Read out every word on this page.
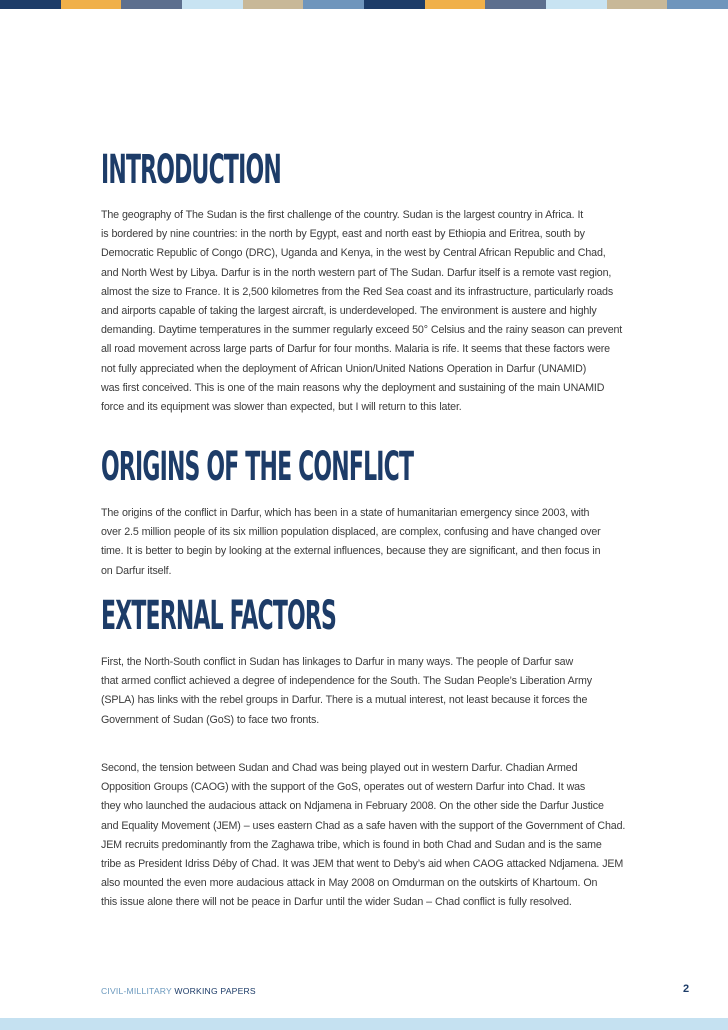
INTRODUCTION

The geography of The Sudan is the first challenge of the country. Sudan is the largest country in Africa. It
is bordered by nine countries: in the north by Egypt, east and north east by Ethiopia and Eritrea, south by
Democratic Republic of Congo (DRC), Uganda and Kenya, in the west by Central African Republic and Chad,
and North West by Libya. Darfur is in the north western part of The Sudan. Darfur itself is a remote vast region,
almost the size to France. It is 2,500 kilometres from the Red Sea coast and its infrastructure, particularly roads
and airports capable of taking the largest aircraft, is underdeveloped. The environment is austere and highly
demanding. Daytime temperatures in the summer regularly exceed 50° Celsius and the rainy season can prevent
all road movement across large parts of Darfur for four months. Malaria is rife. It seems that these factors were
not fully appreciated when the deployment of African Union/United Nations Operation in Darfur (UNAMID)
was first conceived. This is one of the main reasons why the deployment and sustaining of the main UNAMID
force and its equipment was slower than expected, but I will return to this later.

ORIGINS OF THE CONFLICT

The origins of the conflict in Darfur, which has been in a state of humanitarian emergency since 2003, with
over 2.5 million people of its six million population displaced, are complex, confusing and have changed over
time. It is better to begin by looking at the external influences, because they are significant, and then focus in
on Darfur itself.

EXTERNAL FACTORS

First, the North-South conflict in Sudan has linkages to Darfur in many ways. The people of Darfur saw
that armed conflict achieved a degree of independence for the South. The Sudan People’s Liberation Army
(SPLA) has links with the rebel groups in Darfur. There is a mutual interest, not least because it forces the
Government of Sudan (GoS) to face two fronts.

Second, the tension between Sudan and Chad was being played out in western Darfur. Chadian Armed
Opposition Groups (CAOG) with the support of the GoS, operates out of western Darfur into Chad. It was
they who launched the audacious attack on Ndjamena in February 2008. On the other side the Darfur Justice
and Equality Movement (JEM) – uses eastern Chad as a safe haven with the support of the Government of Chad.
JEM recruits predominantly from the Zaghawa tribe, which is found in both Chad and Sudan and is the same
tribe as President Idriss Déby of Chad. It was JEM that went to Deby’s aid when CAOG attacked Ndjamena. JEM
also mounted the even more audacious attack in May 2008 on Omdurman on the outskirts of Khartoum. On
this issue alone there will not be peace in Darfur until the wider Sudan – Chad conflict is fully resolved.

CIVIL-MILLITARY WORKING PAPERS	2
